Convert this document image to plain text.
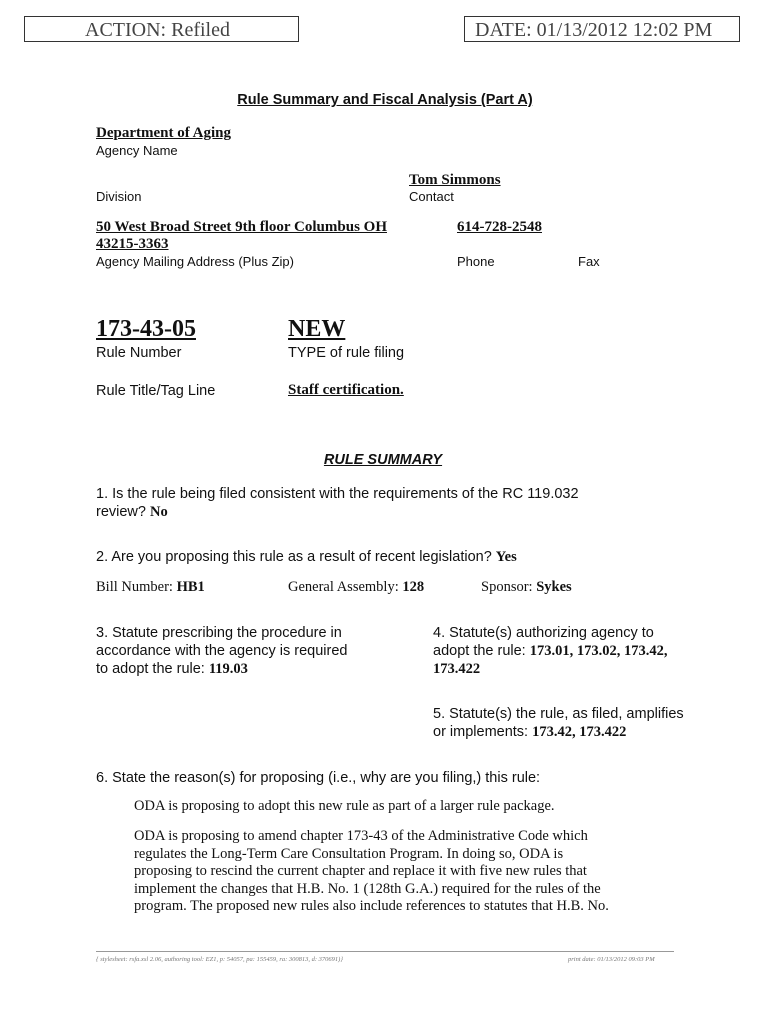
ACTION: Refiled	DATE: 01/13/2012 12:02 PM
Rule Summary and Fiscal Analysis (Part A)
Department of Aging
Agency Name
Tom Simmons
Division	Contact
50 West Broad Street 9th floor Columbus OH
43215-3363
614-728-2548
Agency Mailing Address (Plus Zip)	Phone	Fax
173-43-05	NEW
Rule Number	TYPE of rule filing
Rule Title/Tag Line	Staff certification.
RULE SUMMARY
1. Is the rule being filed consistent with the requirements of the RC 119.032
review? No
2. Are you proposing this rule as a result of recent legislation? Yes
Bill Number: HB1	General Assembly: 128	Sponsor: Sykes
3. Statute prescribing the procedure in
accordance with the agency is required
to adopt the rule: 119.03
4. Statute(s) authorizing agency to
adopt the rule: 173.01, 173.02, 173.42,
173.422
5. Statute(s) the rule, as filed, amplifies
or implements: 173.42, 173.422
6. State the reason(s) for proposing (i.e., why are you filing,) this rule:
ODA is proposing to adopt this new rule as part of a larger rule package.
ODA is proposing to amend chapter 173-43 of the Administrative Code which
regulates the Long-Term Care Consultation Program. In doing so, ODA is
proposing to rescind the current chapter and replace it with five new rules that
implement the changes that H.B. No. 1 (128th G.A.) required for the rules of the
program. The proposed new rules also include references to statutes that H.B. No.
{ stylesheet: rsfa.xsl 2.06, authoring tool: EZ1, p: 54057, pa: 155459, ra: 300813, d: 370691)}	print date: 01/13/2012 09:03 PM
